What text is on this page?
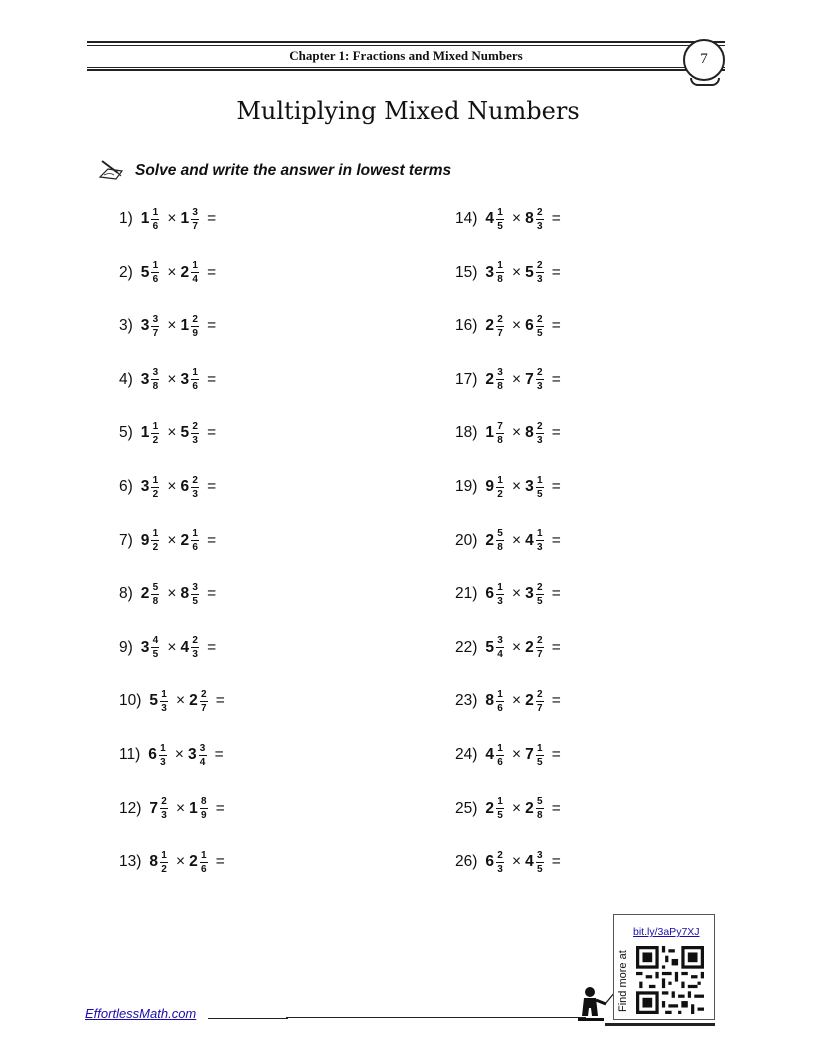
Chapter 1: Fractions and Mixed Numbers	7
Multiplying Mixed Numbers
Solve and write the answer in lowest terms
1) $1 \frac{1}{6} \times 1 \frac{3}{7}$ =
2) $5 \frac{1}{6} \times 2 \frac{1}{4}$ =
3) $3 \frac{3}{7} \times 1 \frac{2}{9}$ =
4) $3 \frac{3}{8} \times 3 \frac{1}{6}$ =
5) $1 \frac{1}{2} \times 5 \frac{2}{3}$ =
6) $3 \frac{1}{2} \times 6 \frac{2}{3}$ =
7) $9 \frac{1}{2} \times 2 \frac{1}{6}$ =
8) $2 \frac{5}{8} \times 8 \frac{3}{5}$ =
9) $3 \frac{4}{5} \times 4 \frac{2}{3}$ =
10) $5 \frac{1}{3} \times 2 \frac{2}{7}$ =
11) $6 \frac{1}{3} \times 3 \frac{3}{4}$ =
12) $7 \frac{2}{3} \times 1 \frac{8}{9}$ =
13) $8 \frac{1}{2} \times 2 \frac{1}{6}$ =
14) $4 \frac{1}{5} \times 8 \frac{2}{3}$ =
15) $3 \frac{1}{8} \times 5 \frac{2}{3}$ =
16) $2 \frac{2}{7} \times 6 \frac{2}{5}$ =
17) $2 \frac{3}{8} \times 7 \frac{2}{3}$ =
18) $1 \frac{7}{8} \times 8 \frac{2}{3}$ =
19) $9 \frac{1}{2} \times 3 \frac{1}{5}$ =
20) $2 \frac{5}{8} \times 4 \frac{1}{3}$ =
21) $6 \frac{1}{3} \times 3 \frac{2}{5}$ =
22) $5 \frac{3}{4} \times 2 \frac{2}{7}$ =
23) $8 \frac{1}{6} \times 2 \frac{2}{7}$ =
24) $4 \frac{1}{6} \times 7 \frac{1}{5}$ =
25) $2 \frac{1}{5} \times 2 \frac{5}{8}$ =
26) $6 \frac{2}{3} \times 4 \frac{3}{5}$ =
EffortlessMath.com
bit.ly/3aPy7XJ
Find more at
